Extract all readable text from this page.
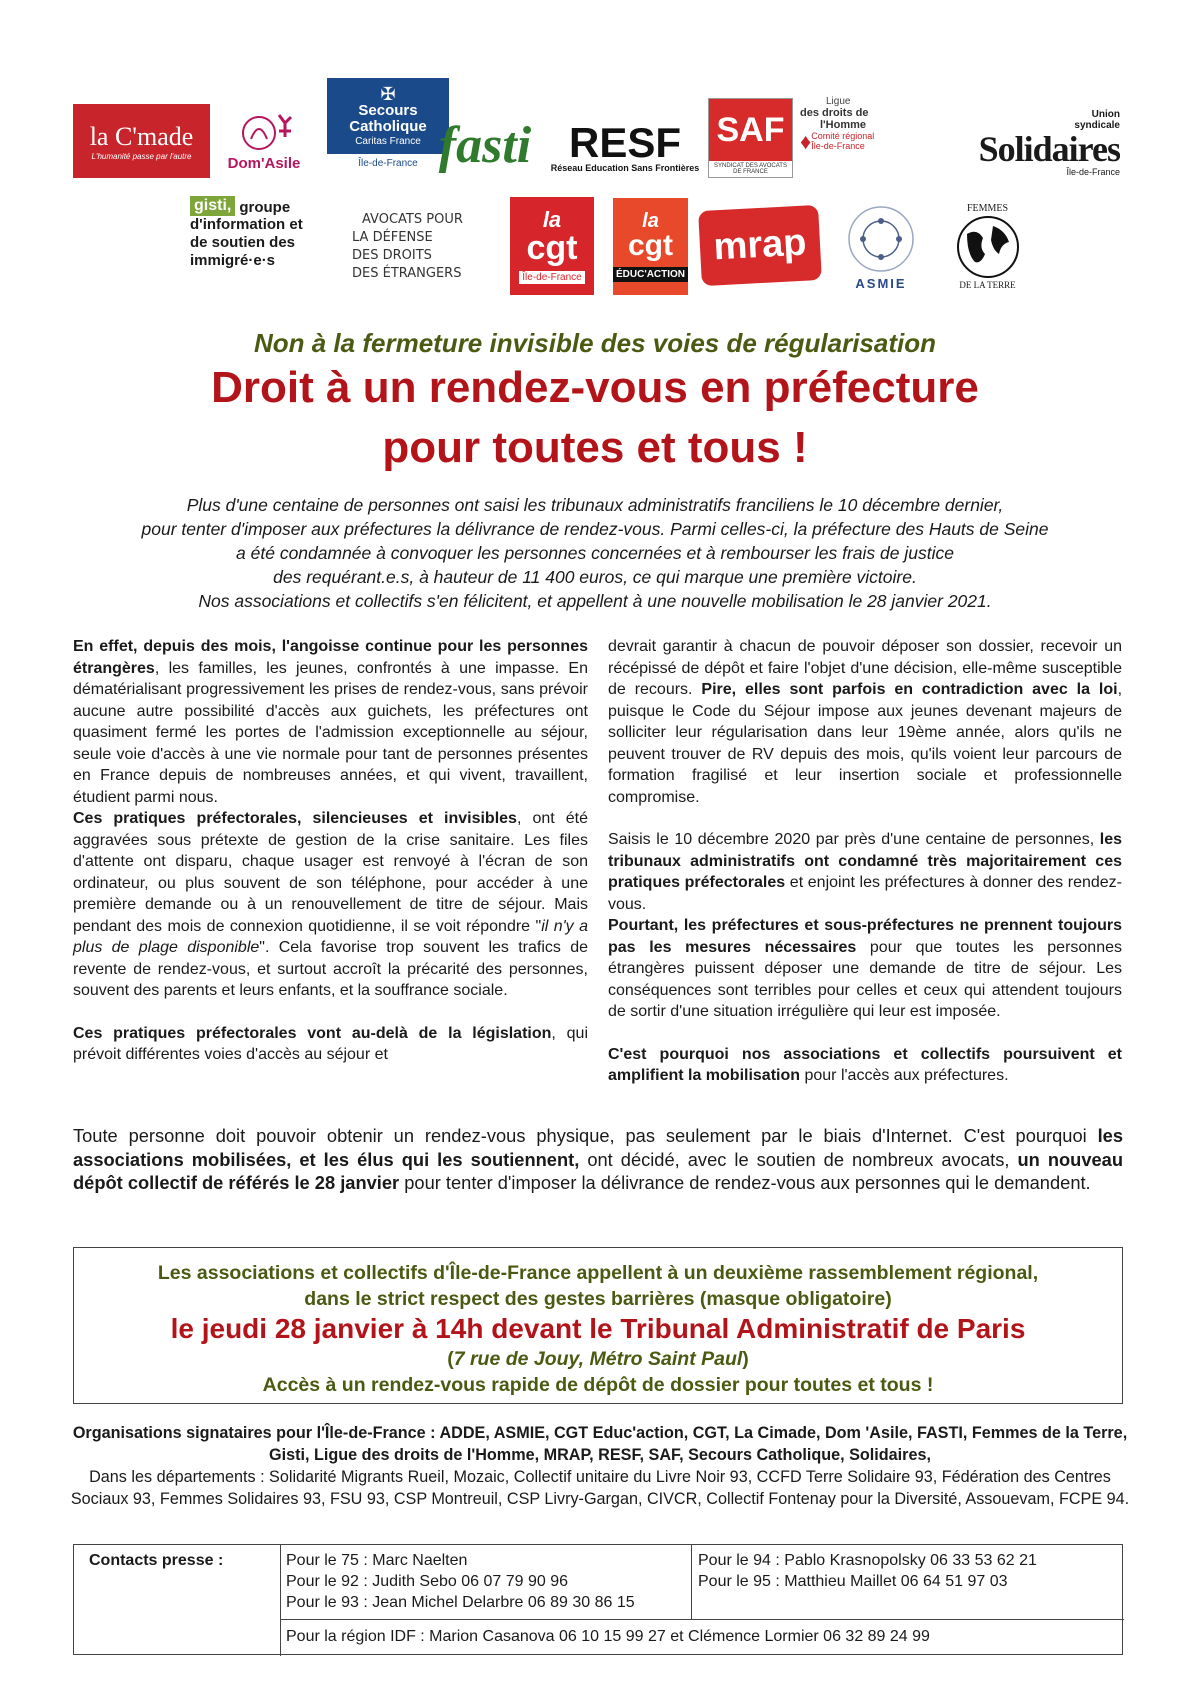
la C'made
L'humanité passe par l'autre Dom'Asile
✠
Secours
Catholique
Caritas France
Île-de-France fasti RESF
Réseau Education Sans Frontières
SAF
SYNDICAT DES AVOCATS DE FRANCE
Ligue
des droits de
l'Homme
♦ Comité régional
Île-de-France
Union
syndicale
Solidaires
Île-de-France
gisti, groupe
d'information et
de soutien des
immigré·e·s
AVOCATS POUR
LA DÉFENSE
DES DROITS
DES ÉTRANGERS
la
cgt
Île-de-France
la
cgt
ÉDUC'ACTION
mrap
ASMIE
FEMMES
DE LA TERRE
Non à la fermeture invisible des voies de régularisation
Droit à un rendez-vous en préfecture
pour toutes et tous !
Plus d'une centaine de personnes ont saisi les tribunaux administratifs franciliens le 10 décembre dernier,
pour tenter d'imposer aux préfectures la délivrance de rendez-vous. Parmi celles-ci, la préfecture des Hauts de Seine
a été condamnée à convoquer les personnes concernées et à rembourser les frais de justice
des requérant.e.s, à hauteur de 11 400 euros, ce qui marque une première victoire.
Nos associations et collectifs s'en félicitent, et appellent à une nouvelle mobilisation le 28 janvier 2021.

En effet, depuis des mois, l'angoisse continue pour les personnes étrangères, les familles, les jeunes, confrontés à une impasse. En dématérialisant progressivement les prises de rendez-vous, sans prévoir aucune autre possibilité d'accès aux guichets, les préfectures ont quasiment fermé les portes de l'admission exceptionnelle au séjour, seule voie d'accès à une vie normale pour tant de personnes présentes en France depuis de nombreuses années, et qui vivent, travaillent, étudient parmi nous.

Ces pratiques préfectorales, silencieuses et invisibles, ont été aggravées sous prétexte de gestion de la crise sanitaire. Les files d'attente ont disparu, chaque usager est renvoyé à l'écran de son ordinateur, ou plus souvent de son téléphone, pour accéder à une première demande ou à un renouvellement de titre de séjour. Mais pendant des mois de connexion quotidienne, il se voit répondre "il n'y a plus de plage disponible". Cela favorise trop souvent les trafics de revente de rendez-vous, et surtout accroît la précarité des personnes, souvent des parents et leurs enfants, et la souffrance sociale.

Ces pratiques préfectorales vont au-delà de la législation, qui prévoit différentes voies d'accès au séjour et

devrait garantir à chacun de pouvoir déposer son dossier, recevoir un récépissé de dépôt et faire l'objet d'une décision, elle-même susceptible de recours. Pire, elles sont parfois en contradiction avec la loi, puisque le Code du Séjour impose aux jeunes devenant majeurs de solliciter leur régularisation dans leur 19ème année, alors qu'ils ne peuvent trouver de RV depuis des mois, qu'ils voient leur parcours de formation fragilisé et leur insertion sociale et professionnelle compromise.

Saisis le 10 décembre 2020 par près d'une centaine de personnes, les tribunaux administratifs ont condamné très majoritairement ces pratiques préfectorales et enjoint les préfectures à donner des rendez-vous.

Pourtant, les préfectures et sous-préfectures ne prennent toujours pas les mesures nécessaires pour que toutes les personnes étrangères puissent déposer une demande de titre de séjour. Les conséquences sont terribles pour celles et ceux qui attendent toujours de sortir d'une situation irrégulière qui leur est imposée.

C'est pourquoi nos associations et collectifs poursuivent et amplifient la mobilisation pour l'accès aux préfectures.

Toute personne doit pouvoir obtenir un rendez-vous physique, pas seulement par le biais d'Internet. C'est pourquoi les associations mobilisées, et les élus qui les soutiennent, ont décidé, avec le soutien de nombreux avocats, un nouveau dépôt collectif de référés le 28 janvier pour tenter d'imposer la délivrance de rendez-vous aux personnes qui le demandent.
Les associations et collectifs d'Île-de-France appellent à un deuxième rassemblement régional,
dans le strict respect des gestes barrières (masque obligatoire)
le jeudi 28 janvier à 14h devant le Tribunal Administratif de Paris
(7 rue de Jouy, Métro Saint Paul)
Accès à un rendez-vous rapide de dépôt de dossier pour toutes et tous !
Organisations signataires pour l'Île-de-France : ADDE, ASMIE, CGT Educ'action, CGT, La Cimade, Dom 'Asile, FASTI, Femmes de la Terre, Gisti, Ligue des droits de l'Homme, MRAP, RESF, SAF, Secours Catholique, Solidaires,
Dans les départements : Solidarité Migrants Rueil, Mozaic, Collectif unitaire du Livre Noir 93, CCFD Terre Solidaire 93, Fédération des Centres Sociaux 93, Femmes Solidaires 93, FSU 93, CSP Montreuil, CSP Livry-Gargan, CIVCR, Collectif Fontenay pour la Diversité, Assouevam, FCPE 94.
Contacts presse :	Pour le 75 : Marc Naelten
Pour le 92 : Judith Sebo 06 07 79 90 96
Pour le 93 : Jean Michel Delarbre 06 89 30 86 15
Pour le 94 : Pablo Krasnopolsky 06 33 53 62 21
Pour le 95 : Matthieu Maillet 06 64 51 97 03
Pour la région IDF : Marion Casanova 06 10 15 99 27 et Clémence Lormier 06 32 89 24 99
